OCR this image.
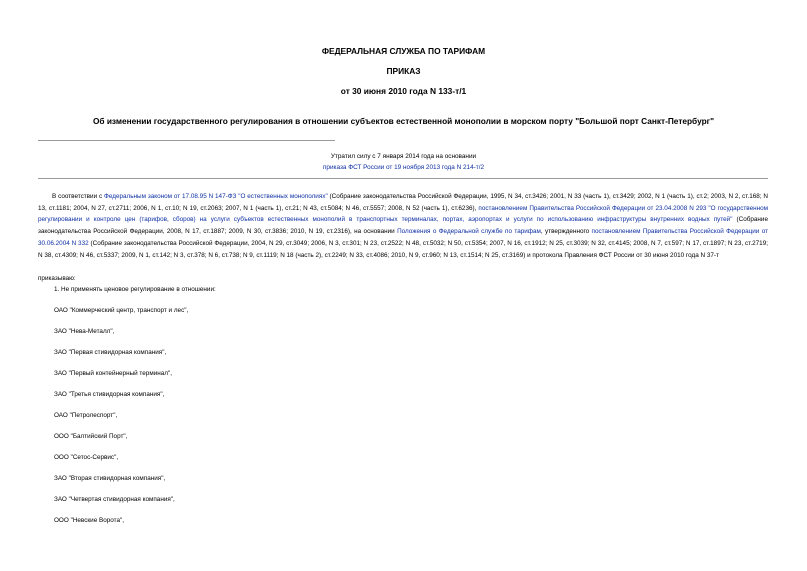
ФЕДЕРАЛЬНАЯ СЛУЖБА ПО ТАРИФАМ
ПРИКАЗ
от 30 июня 2010 года N 133-т/1
Об изменении государственного регулирования в отношении субъектов естественной монополии в морском порту "Большой порт Санкт-Петербург"
Утратил силу с 7 января 2014 года на основании
приказа ФСТ России от 19 ноября 2013 года N 214-т/2
В соответствии с Федеральным законом от 17.08.95 N 147-ФЗ "О естественных монополиях" (Собрание законодательства Российской Федерации, 1995, N 34, ст.3426; 2001, N 33 (часть 1), ст.3429; 2002, N 1 (часть 1), ст.2; 2003, N 2, ст.168; N 13, ст.1181; 2004, N 27, ст.2711; 2006, N 1, ст.10; N 19, ст.2063; 2007, N 1 (часть 1), ст.21; N 43, ст.5084; N 46, ст.5557; 2008, N 52 (часть 1), ст.6236), постановлением Правительства Российской Федерации от 23.04.2008 N 293 "О государственном регулировании и контроле цен (тарифов, сборов) на услуги субъектов естественных монополий в транспортных терминалах, портах, аэропортах и услуги по использованию инфраструктуры внутренних водных путей" (Собрание законодательства Российской Федерации, 2008, N 17, ст.1887; 2009, N 30, ст.3836; 2010, N 19, ст.2316), на основании Положения о Федеральной службе по тарифам, утвержденного постановлением Правительства Российской Федерации от 30.06.2004 N 332 (Собрание законодательства Российской Федерации, 2004, N 29, ст.3049; 2006, N 3, ст.301; N 23, ст.2522; N 48, ст.5032; N 50, ст.5354; 2007, N 16, ст.1912; N 25, ст.3039; N 32, ст.4145; 2008, N 7, ст.597; N 17, ст.1897; N 23, ст.2719; N 38, ст.4309; N 46, ст.5337; 2009, N 1, ст.142; N 3, ст.378; N 6, ст.738; N 9, ст.1119; N 18 (часть 2), ст.2249; N 33, ст.4086; 2010, N 9, ст.960; N 13, ст.1514; N 25, ст.3169) и протокола Правления ФСТ России от 30 июня 2010 года N 37-т
приказываю:
1. Не применять ценовое регулирование в отношении:
ОАО "Коммерческий центр, транспорт и лес",
ЗАО "Нева-Металл",
ЗАО "Первая стивидорная компания",
ЗАО "Первый контейнерный терминал",
ЗАО "Третья стивидорная компания",
ОАО "Петролеспорт",
ООО "Балтийский Порт",
ООО "Сетос-Сервис",
ЗАО "Вторая стивидорная компания",
ЗАО "Четвертая стивидорная компания",
ООО "Невские Ворота",
